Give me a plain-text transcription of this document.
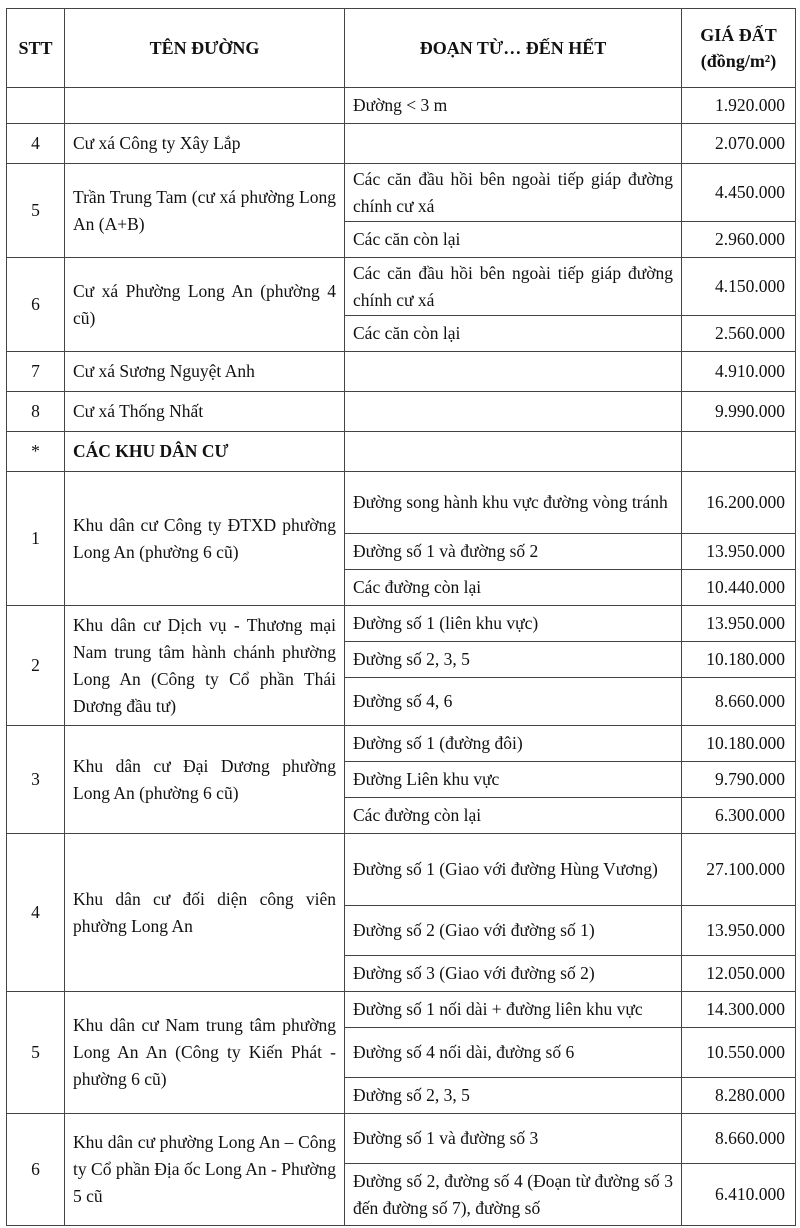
STT	TÊN ĐƯỜNG	ĐOẠN TỪ… ĐẾN HẾT	GIÁ ĐẤT
(đồng/m²)

		Đường < 3 m	1.920.000
4	Cư xá Công ty Xây Lắp		2.070.000
5	Trần Trung Tam (cư xá phường Long An (A+B)	Các căn đầu hồi bên ngoài tiếp giáp đường chính cư xá	4.450.000
		Các căn còn lại	2.960.000
6	Cư xá Phường Long An (phường 4 cũ)	Các căn đầu hồi bên ngoài tiếp giáp đường chính cư xá	4.150.000
		Các căn còn lại	2.560.000
7	Cư xá Sương Nguyệt Anh		4.910.000
8	Cư xá Thống Nhất		9.990.000
*	CÁC KHU DÂN CƯ		
1	Khu dân cư Công ty ĐTXD phường Long An (phường 6 cũ)	Đường song hành khu vực đường vòng tránh	16.200.000
		Đường số 1 và đường số 2	13.950.000
		Các đường còn lại	10.440.000
2	Khu dân cư Dịch vụ - Thương mại Nam trung tâm hành chánh phường Long An (Công ty Cổ phần Thái Dương đầu tư)	Đường số 1 (liên khu vực)	13.950.000
		Đường số 2, 3, 5	10.180.000
		Đường số 4, 6	8.660.000
3	Khu dân cư Đại Dương phường Long An (phường 6 cũ)	Đường số 1 (đường đôi)	10.180.000
		Đường Liên khu vực	9.790.000
		Các đường còn lại	6.300.000
4	Khu dân cư đối diện công viên phường Long An	Đường số 1 (Giao với đường Hùng Vương)	27.100.000
		Đường số 2 (Giao với đường số 1)	13.950.000
		Đường số 3 (Giao với đường số 2)	12.050.000
5	Khu dân cư Nam trung tâm phường Long An An (Công ty Kiến Phát - phường 6 cũ)	Đường số 1 nối dài + đường liên khu vực	14.300.000
		Đường số 4 nối dài, đường số 6	10.550.000
		Đường số 2, 3, 5	8.280.000
6	Khu dân cư phường Long An – Công ty Cổ phần Địa ốc Long An - Phường 5 cũ	Đường số 1 và đường số 3	8.660.000
		Đường số 2, đường số 4 (Đoạn từ đường số 3 đến đường số 7), đường số	6.410.000
